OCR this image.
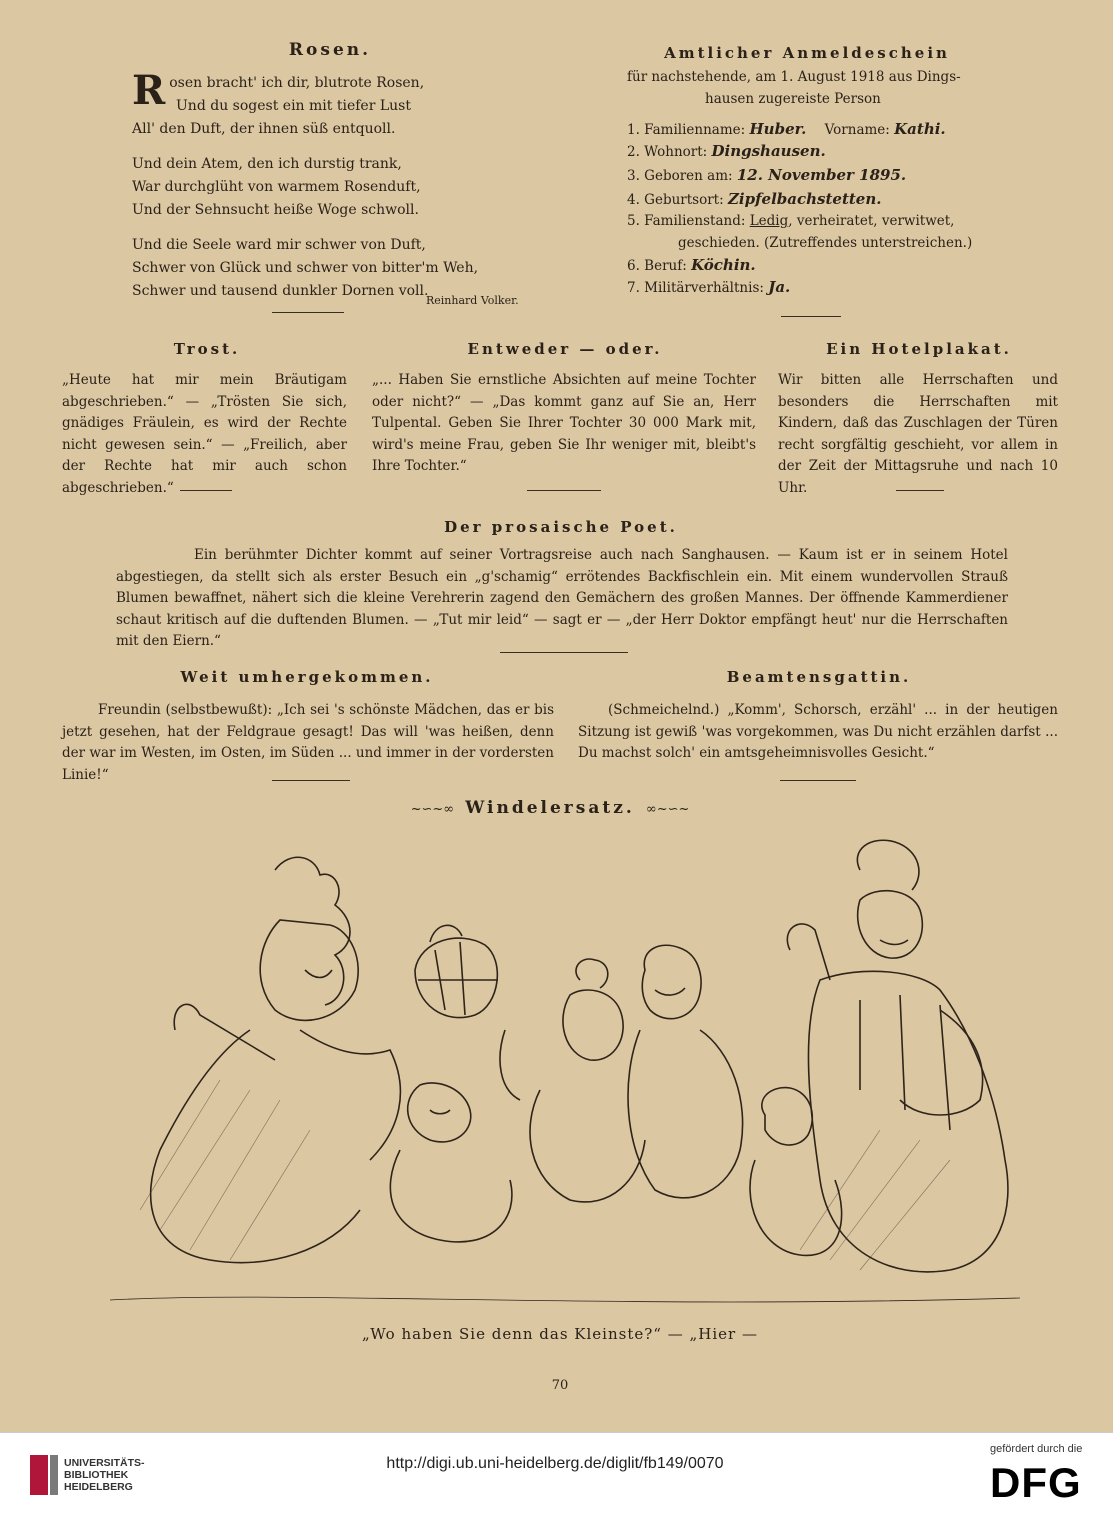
Rosen.
R osen bracht' ich dir, blutrote Rosen,
Und du sogest ein mit tiefer Lust
All' den Duft, der ihnen süß entquoll.
Und dein Atem, den ich durstig trank,
War durchglüht von warmem Rosenduft,
Und der Sehnsucht heiße Woge schwoll.
Und die Seele ward mir schwer von Duft,
Schwer von Glück und schwer von bitter'm Weh,
Schwer und tausend dunkler Dornen voll.
Reinhard Volker.
Amtlicher Anmeldeschein
für nachstehende, am 1. August 1918 aus Dings-
hausen zugereiste Person
1. Familienname: Huber. Vorname: Kathi.
2. Wohnort: Dingshausen.
3. Geboren am: 12. November 1895.
4. Geburtsort: Zipfelbachstetten.
5. Familienstand: Ledig, verheiratet, verwitwet,
geschieden. (Zutreffendes unterstreichen.)
6. Beruf: Köchin.
7. Militärverhältnis: Ja.
Trost.
„Heute hat mir mein Bräutigam abgeschrieben.“ — „Trösten Sie sich, gnädiges Fräulein, es wird der Rechte nicht gewesen sein.“ — „Freilich, aber der Rechte hat mir auch schon abgeschrieben.“
Entweder — oder.
„... Haben Sie ernstliche Absichten auf meine Tochter oder nicht?“ — „Das kommt ganz auf Sie an, Herr Tulpental. Geben Sie Ihrer Tochter 30 000 Mark mit, wird's meine Frau, geben Sie Ihr weniger mit, bleibt's Ihre Tochter.“
Ein Hotelplakat.
Wir bitten alle Herrschaften und besonders die Herrschaften mit Kindern, daß das Zuschlagen der Türen recht sorgfältig geschieht, vor allem in der Zeit der Mittagsruhe und nach 10 Uhr.
Der prosaische Poet.
Ein berühmter Dichter kommt auf seiner Vortragsreise auch nach Sanghausen. — Kaum ist er in seinem Hotel abgestiegen, da stellt sich als erster Besuch ein „g'schamig“ errötendes Backfischlein ein. Mit einem wundervollen Strauß Blumen bewaffnet, nähert sich die kleine Verehrerin zagend den Gemächern des großen Mannes. Der öffnende Kammerdiener schaut kritisch auf die duftenden Blumen. — „Tut mir leid“ — sagt er — „der Herr Doktor empfängt heut' nur die Herrschaften mit den Eiern.“
Weit umhergekommen.
Freundin (selbstbewußt): „Ich sei 's schönste Mädchen, das er bis jetzt gesehen, hat der Feldgraue gesagt! Das will 'was heißen, denn der war im Westen, im Osten, im Süden ... und immer in der vordersten Linie!“
Beamtensgattin.
(Schmeichelnd.) „Komm', Schorsch, erzähl' ... in der heutigen Sitzung ist gewiß 'was vorgekommen, was Du nicht erzählen darfst ... Du machst solch' ein amtsgeheimnisvolles Gesicht.“
~∽~∞ Windelersatz. ∞~∽~
„Wo haben Sie denn das Kleinste?“ — „Hier —
70
UNIVERSITÄTS-
BIBLIOTHEK
HEIDELBERG
http://digi.ub.uni-heidelberg.de/diglit/fb149/0070
gefördert durch die
DFG
